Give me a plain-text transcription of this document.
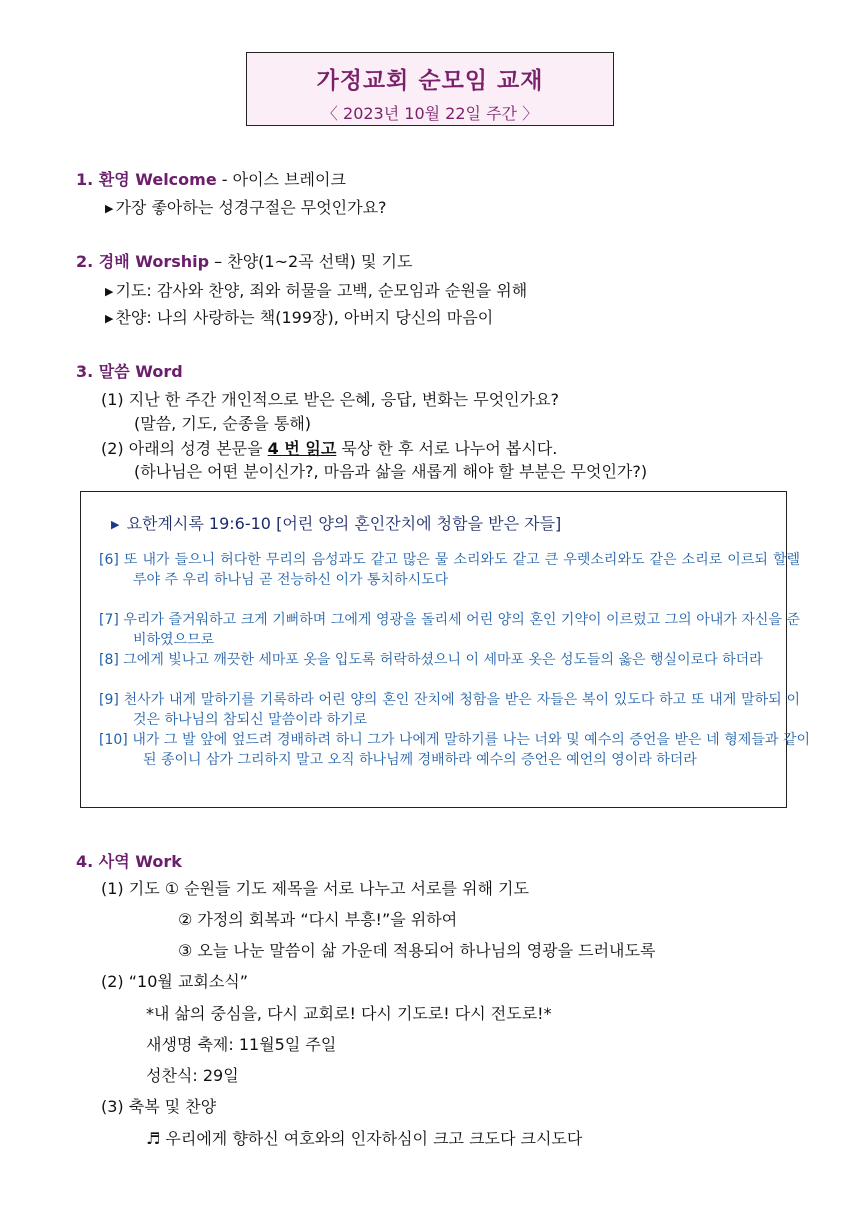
가정교회 순모임 교재
〈 2023년 10월 22일 주간 〉
1. 환영 Welcome - 아이스 브레이크
▶ 가장 좋아하는 성경구절은 무엇인가요?
2. 경배 Worship – 찬양(1~2곡 선택) 및 기도
▶ 기도: 감사와 찬양, 죄와 허물을 고백, 순모임과 순원을 위해
▶ 찬양: 나의 사랑하는 책(199장), 아버지 당신의 마음이
3. 말씀 Word
(1) 지난 한 주간 개인적으로 받은 은혜, 응답, 변화는 무엇인가요?
(말씀, 기도, 순종을 통해)
(2) 아래의 성경 본문을 4 번 읽고 묵상 한 후 서로 나누어 봅시다.
(하나님은 어떤 분이신가?, 마음과 삶을 새롭게 해야 할 부분은 무엇인가?)
▶ 요한계시록 19:6-10 [어린 양의 혼인잔치에 청함을 받은 자들]
[6] 또 내가 들으니 허다한 무리의 음성과도 같고 많은 물 소리와도 같고 큰 우렛소리와도 같은 소리로 이르되 할렐루야 주 우리 하나님 곧 전능하신 이가 통치하시도다
[7] 우리가 즐거워하고 크게 기뻐하며 그에게 영광을 돌리세 어린 양의 혼인 기약이 이르렀고 그의 아내가 자신을 준비하였으므로
[8] 그에게 빛나고 깨끗한 세마포 옷을 입도록 허락하셨으니 이 세마포 옷은 성도들의 옳은 행실이로다 하더라
[9] 천사가 내게 말하기를 기록하라 어린 양의 혼인 잔치에 청함을 받은 자들은 복이 있도다 하고 또 내게 말하되 이것은 하나님의 참되신 말씀이라 하기로
[10] 내가 그 발 앞에 엎드려 경배하려 하니 그가 나에게 말하기를 나는 너와 및 예수의 증언을 받은 네 형제들과 같이 된 종이니 삼가 그리하지 말고 오직 하나님께 경배하라 예수의 증언은 예언의 영이라 하더라
4. 사역 Work
(1) 기도 ① 순원들 기도 제목을 서로 나누고 서로를 위해 기도
② 가정의 회복과 “다시 부흥!”을 위하여
③ 오늘 나눈 말씀이 삶 가운데 적용되어 하나님의 영광을 드러내도록
(2) “10월 교회소식”
*내 삶의 중심을, 다시 교회로! 다시 기도로! 다시 전도로!*
새생명 축제: 11월5일 주일
성찬식: 29일
(3) 축복 및 찬양
♬ 우리에게 향하신 여호와의 인자하심이 크고 크도다 크시도다
